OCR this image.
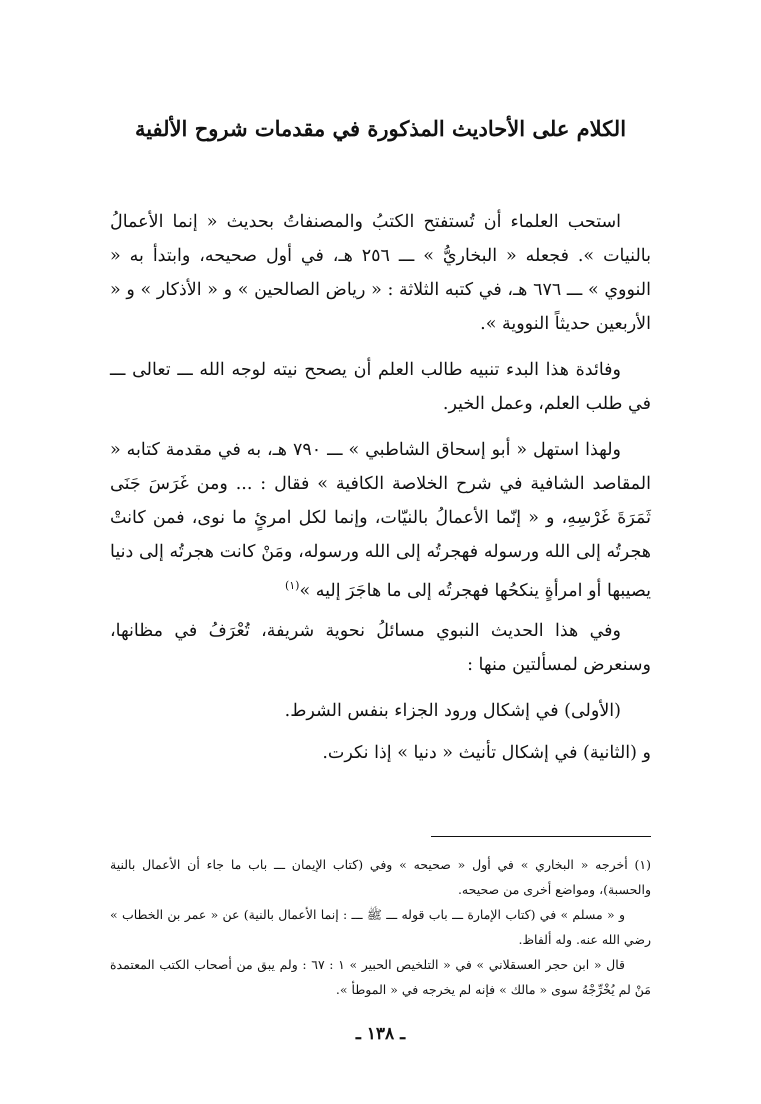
الكلام على الأحاديث المذكورة في مقدمات شروح الألفية

استحب العلماء أن تُستفتح الكتبُ والمصنفاتُ بحديث « إنما الأعمالُ بالنيات ». فجعله « البخاريُّ » ـــ ٢٥٦ هـ، في أول صحيحه، وابتدأ به « النووي » ـــ ٦٧٦ هـ، في كتبه الثلاثة : « رياض الصالحين » و « الأذكار » و « الأربعين حديثاً النووية ».

وفائدة هذا البدء تنبيه طالب العلم أن يصحح نيته لوجه الله ـــ تعالى ـــ في طلب العلم، وعمل الخير.

ولهذا استهل « أبو إسحاق الشاطبي » ـــ ٧٩٠ هـ، به في مقدمة كتابه « المقاصد الشافية في شرح الخلاصة الكافية » فقال : ... ومن غَرَسَ جَنَى ثَمَرَةَ غَرْسِهِ، و « إنّما الأعمالُ بالنيّات، وإنما لكل امرئٍ ما نوى، فمن كانتْ هجرتُه إلى الله ورسوله فهجرتُه إلى الله ورسوله، ومَنْ كانت هجرتُه إلى دنيا يصيبها أو امرأةٍ ينكحُها فهجرتُه إلى ما هاجَرَ إليه »$^{(١)}$

وفي هذا الحديث النبوي مسائلُ نحوية شريفة، تُعْرَفُ في مظانها، وسنعرض لمسألتين منها :

(الأولى) في إشكال ورود الجزاء بنفس الشرط.

و (الثانية) في إشكال تأنيث « دنيا » إذا نكرت.

(١) أخرجه « البخاري » في أول « صحيحه » وفي (كتاب الإيمان ـــ باب ما جاء أن الأعمال بالنية والحسبة)، ومواضع أخرى من صحيحه.

و « مسلم » في (كتاب الإمارة ـــ باب قوله ـــ ﷺ ـــ : إنما الأعمال بالنية) عن « عمر بن الخطاب » رضي الله عنه. وله ألفاظ.

قال « ابن حجر العسقلاني » في « التلخيص الحبير » ١ : ٦٧ : ولم يبق من أصحاب الكتب المعتمدة مَنْ لم يُخْرِّجْهُ سوى « مالك » فإنه لم يخرجه في « الموطأ ».

ـ ١٣٨ ـ
